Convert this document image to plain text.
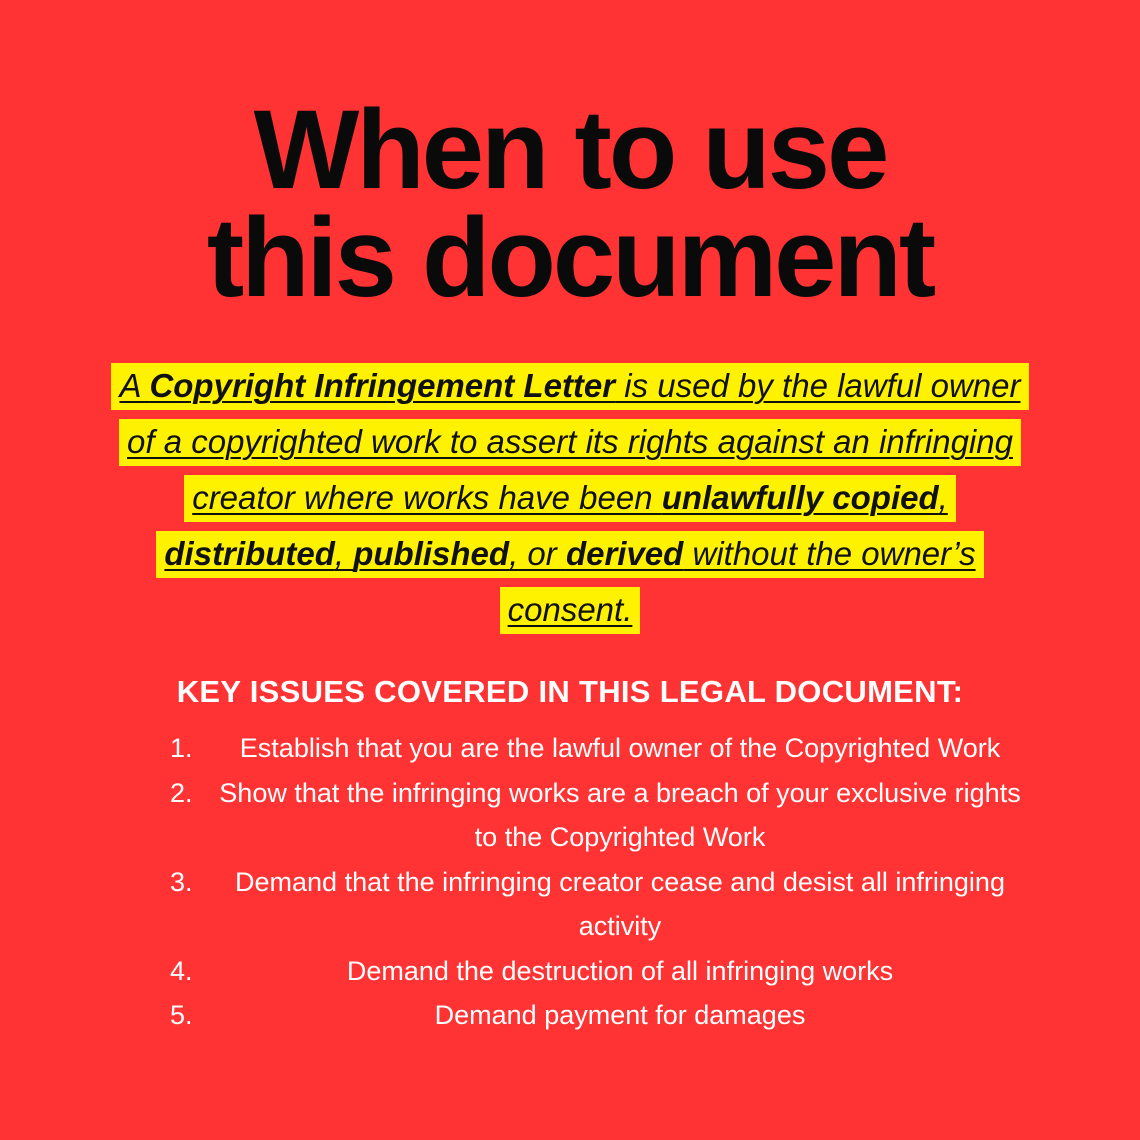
When to use
this document

A Copyright Infringement Letter is used by the lawful owner of a copyrighted work to assert its rights against an infringing creator where works have been unlawfully copied, distributed, published, or derived without the owner’s consent.

KEY ISSUES COVERED IN THIS LEGAL DOCUMENT:
1.	Establish that you are the lawful owner of the Copyrighted Work
2. Show that the infringing works are a breach of your exclusive rights to the Copyrighted Work
3.	Demand that the infringing creator cease and desist all infringing activity
4.	Demand the destruction of all infringing works
5.	Demand payment for damages
